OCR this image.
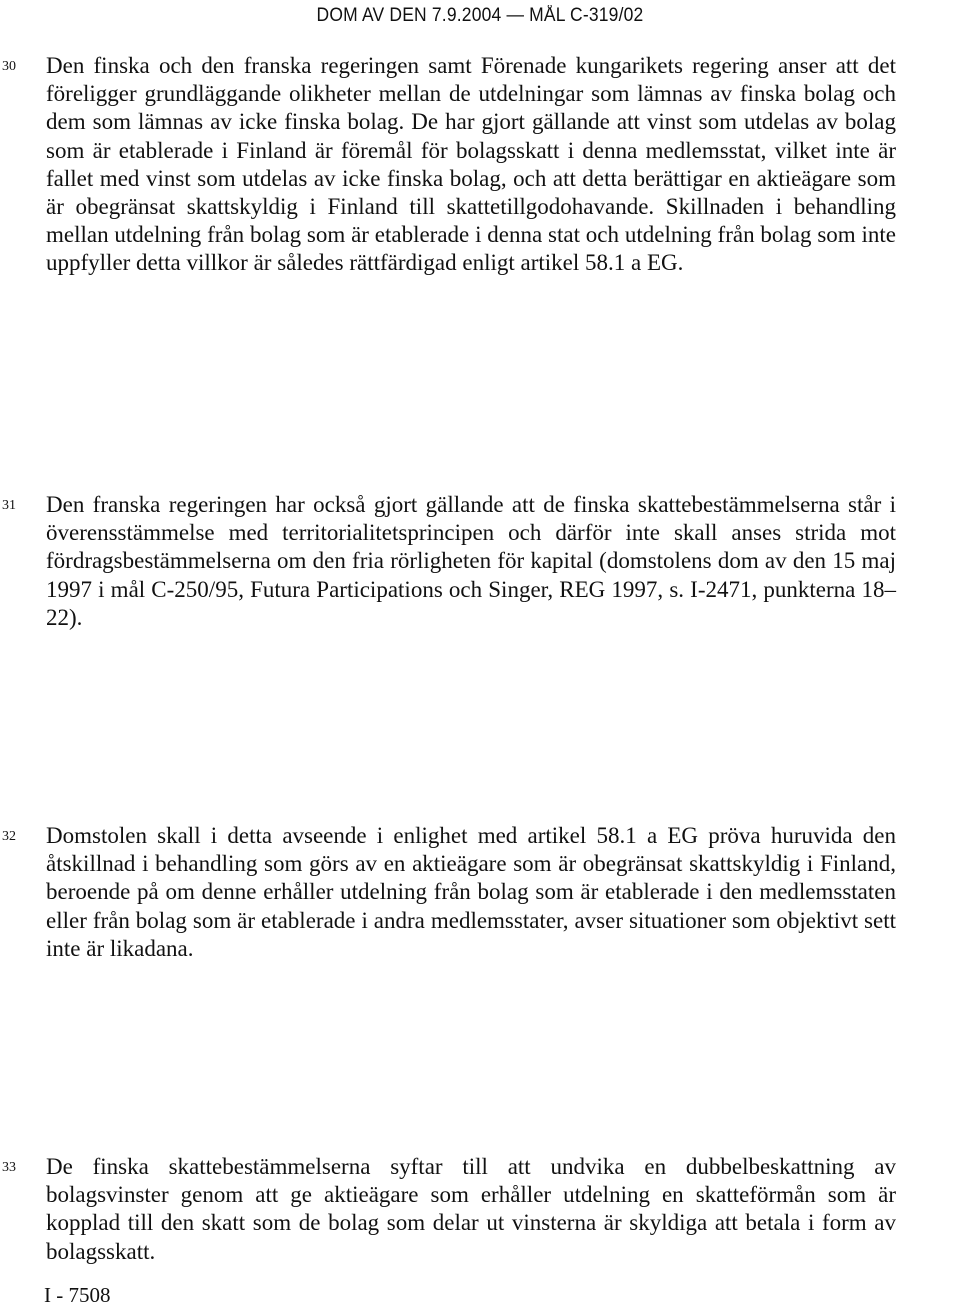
DOM AV DEN 7.9.2004 — MÅL C-319/02
30 Den finska och den franska regeringen samt Förenade kungarikets regering anser att det föreligger grundläggande olikheter mellan de utdelningar som lämnas av finska bolag och dem som lämnas av icke finska bolag. De har gjort gällande att vinst som utdelas av bolag som är etablerade i Finland är föremål för bolagsskatt i denna medlemsstat, vilket inte är fallet med vinst som utdelas av icke finska bolag, och att detta berättigar en aktieägare som är obegränsat skattskyldig i Finland till skattetillgodohavande. Skillnaden i behandling mellan utdelning från bolag som är etablerade i denna stat och utdelning från bolag som inte uppfyller detta villkor är således rättfärdigad enligt artikel 58.1 a EG.

31 Den franska regeringen har också gjort gällande att de finska skattebestämmelserna står i överensstämmelse med territorialitetsprincipen och därför inte skall anses strida mot fördragsbestämmelserna om den fria rörligheten för kapital (domstolens dom av den 15 maj 1997 i mål C-250/95, Futura Participations och Singer, REG 1997, s. I-2471, punkterna 18–22).

32 Domstolen skall i detta avseende i enlighet med artikel 58.1 a EG pröva huruvida den åtskillnad i behandling som görs av en aktieägare som är obegränsat skattskyldig i Finland, beroende på om denne erhåller utdelning från bolag som är etablerade i den medlemsstaten eller från bolag som är etablerade i andra medlemsstater, avser situationer som objektivt sett inte är likadana.

33 De finska skattebestämmelserna syftar till att undvika en dubbelbeskattning av bolagsvinster genom att ge aktieägare som erhåller utdelning en skatteförmån som är kopplad till den skatt som de bolag som delar ut vinsterna är skyldiga att betala i form av bolagsskatt.

I - 7508
